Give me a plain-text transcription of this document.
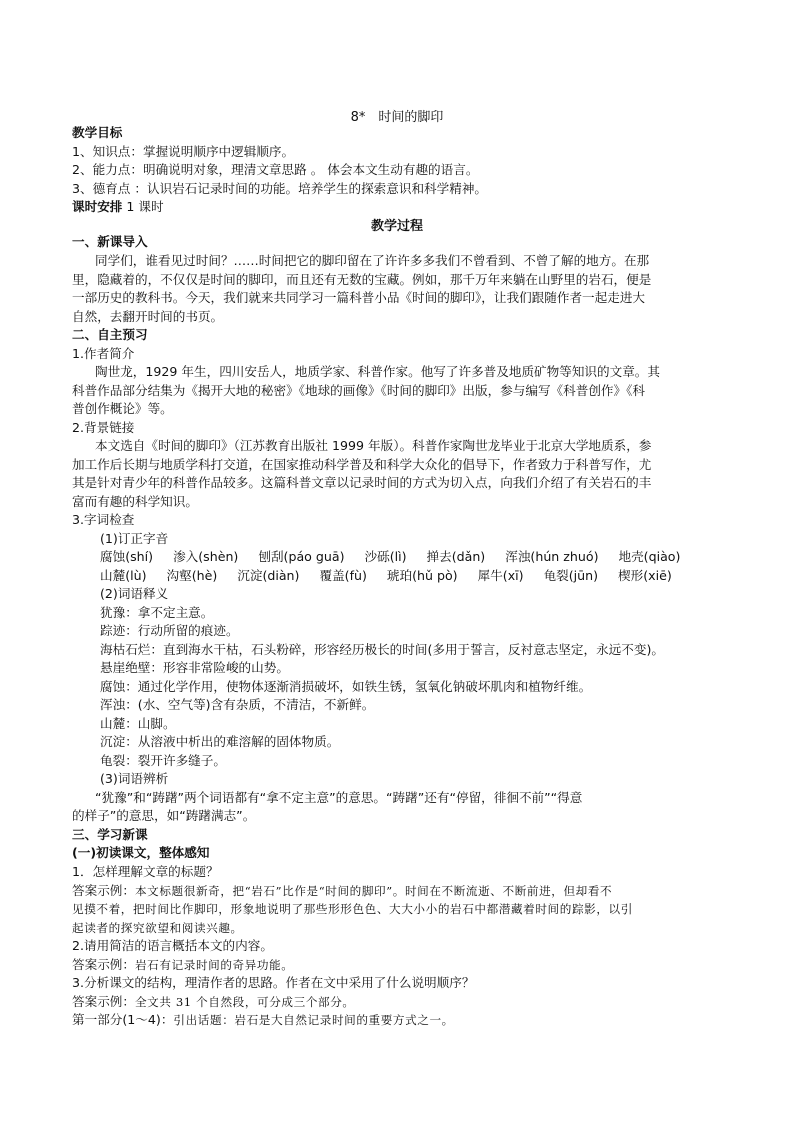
8*　时间的脚印
教学目标
1、知识点：掌握说明顺序中逻辑顺序。
2、能力点：明确说明对象，理清文章思路 。 体会本文生动有趣的语言。
3、德育点 ：认识岩石记录时间的功能。培养学生的探索意识和科学精神。
课时安排 1 课时
教学过程
一、新课导入
同学们，谁看见过时间？……时间把它的脚印留在了许许多多我们不曾看到、不曾了解的地方。在那
里，隐藏着的，不仅仅是时间的脚印，而且还有无数的宝藏。例如，那千万年来躺在山野里的岩石，便是
一部历史的教科书。今天，我们就来共同学习一篇科普小品《时间的脚印》，让我们跟随作者一起走进大
自然，去翻开时间的书页。
二、自主预习
1.作者简介
陶世龙，1929 年生，四川安岳人，地质学家、科普作家。他写了许多普及地质矿物等知识的文章。其
科普作品部分结集为《揭开大地的秘密》《地球的画像》《时间的脚印》出版，参与编写《科普创作》《科
普创作概论》等。
2.背景链接
本文选自《时间的脚印》（江苏教育出版社 1999 年版）。科普作家陶世龙毕业于北京大学地质系，参
加工作后长期与地质学科打交道，在国家推动科学普及和科学大众化的倡导下，作者致力于科普写作，尤
其是针对青少年的科普作品较多。这篇科普文章以记录时间的方式为切入点，向我们介绍了有关岩石的丰
富而有趣的科学知识。
3.字词检查
(1)订正字音
腐蚀(shí) 渗入(shèn) 刨刮(páo guā) 沙砾(lì) 掸去(dǎn) 浑浊(hún zhuó) 地壳(qiào)
山麓(lù) 沟壑(hè) 沉淀(diàn) 覆盖(fù) 琥珀(hǔ pò) 犀牛(xī) 龟裂(jūn) 楔形(xiē)
(2)词语释义
犹豫：拿不定主意。
踪迹：行动所留的痕迹。
海枯石烂：直到海水干枯，石头粉碎，形容经历极长的时间(多用于誓言，反衬意志坚定，永远不变)。
悬崖绝壁：形容非常险峻的山势。
腐蚀：通过化学作用，使物体逐渐消损破坏，如铁生锈，氢氧化钠破坏肌肉和植物纤维。
浑浊：(水、空气等)含有杂质，不清洁，不新鲜。
山麓：山脚。
沉淀：从溶液中析出的难溶解的固体物质。
龟裂：裂开许多缝子。
(3)词语辨析
“犹豫”和“踌躇”两个词语都有“拿不定主意”的意思。“踌躇”还有“停留，徘徊不前”“得意
的样子”的意思，如“踌躇满志”。
三、学习新课
(一)初读课文，整体感知
1．怎样理解文章的标题？
答案示例：本文标题很新奇，把“岩石”比作是“时间的脚印”。时间在不断流逝、不断前进，但却看不
见摸不着，把时间比作脚印，形象地说明了那些形形色色、大大小小的岩石中都潜藏着时间的踪影，以引
起读者的探究欲望和阅读兴趣。
2.请用简洁的语言概括本文的内容。
答案示例：岩石有记录时间的奇异功能。
3.分析课文的结构，理清作者的思路。作者在文中采用了什么说明顺序？
答案示例：全文共 31 个自然段，可分成三个部分。
第一部分(1～4)：引出话题：岩石是大自然记录时间的重要方式之一。
